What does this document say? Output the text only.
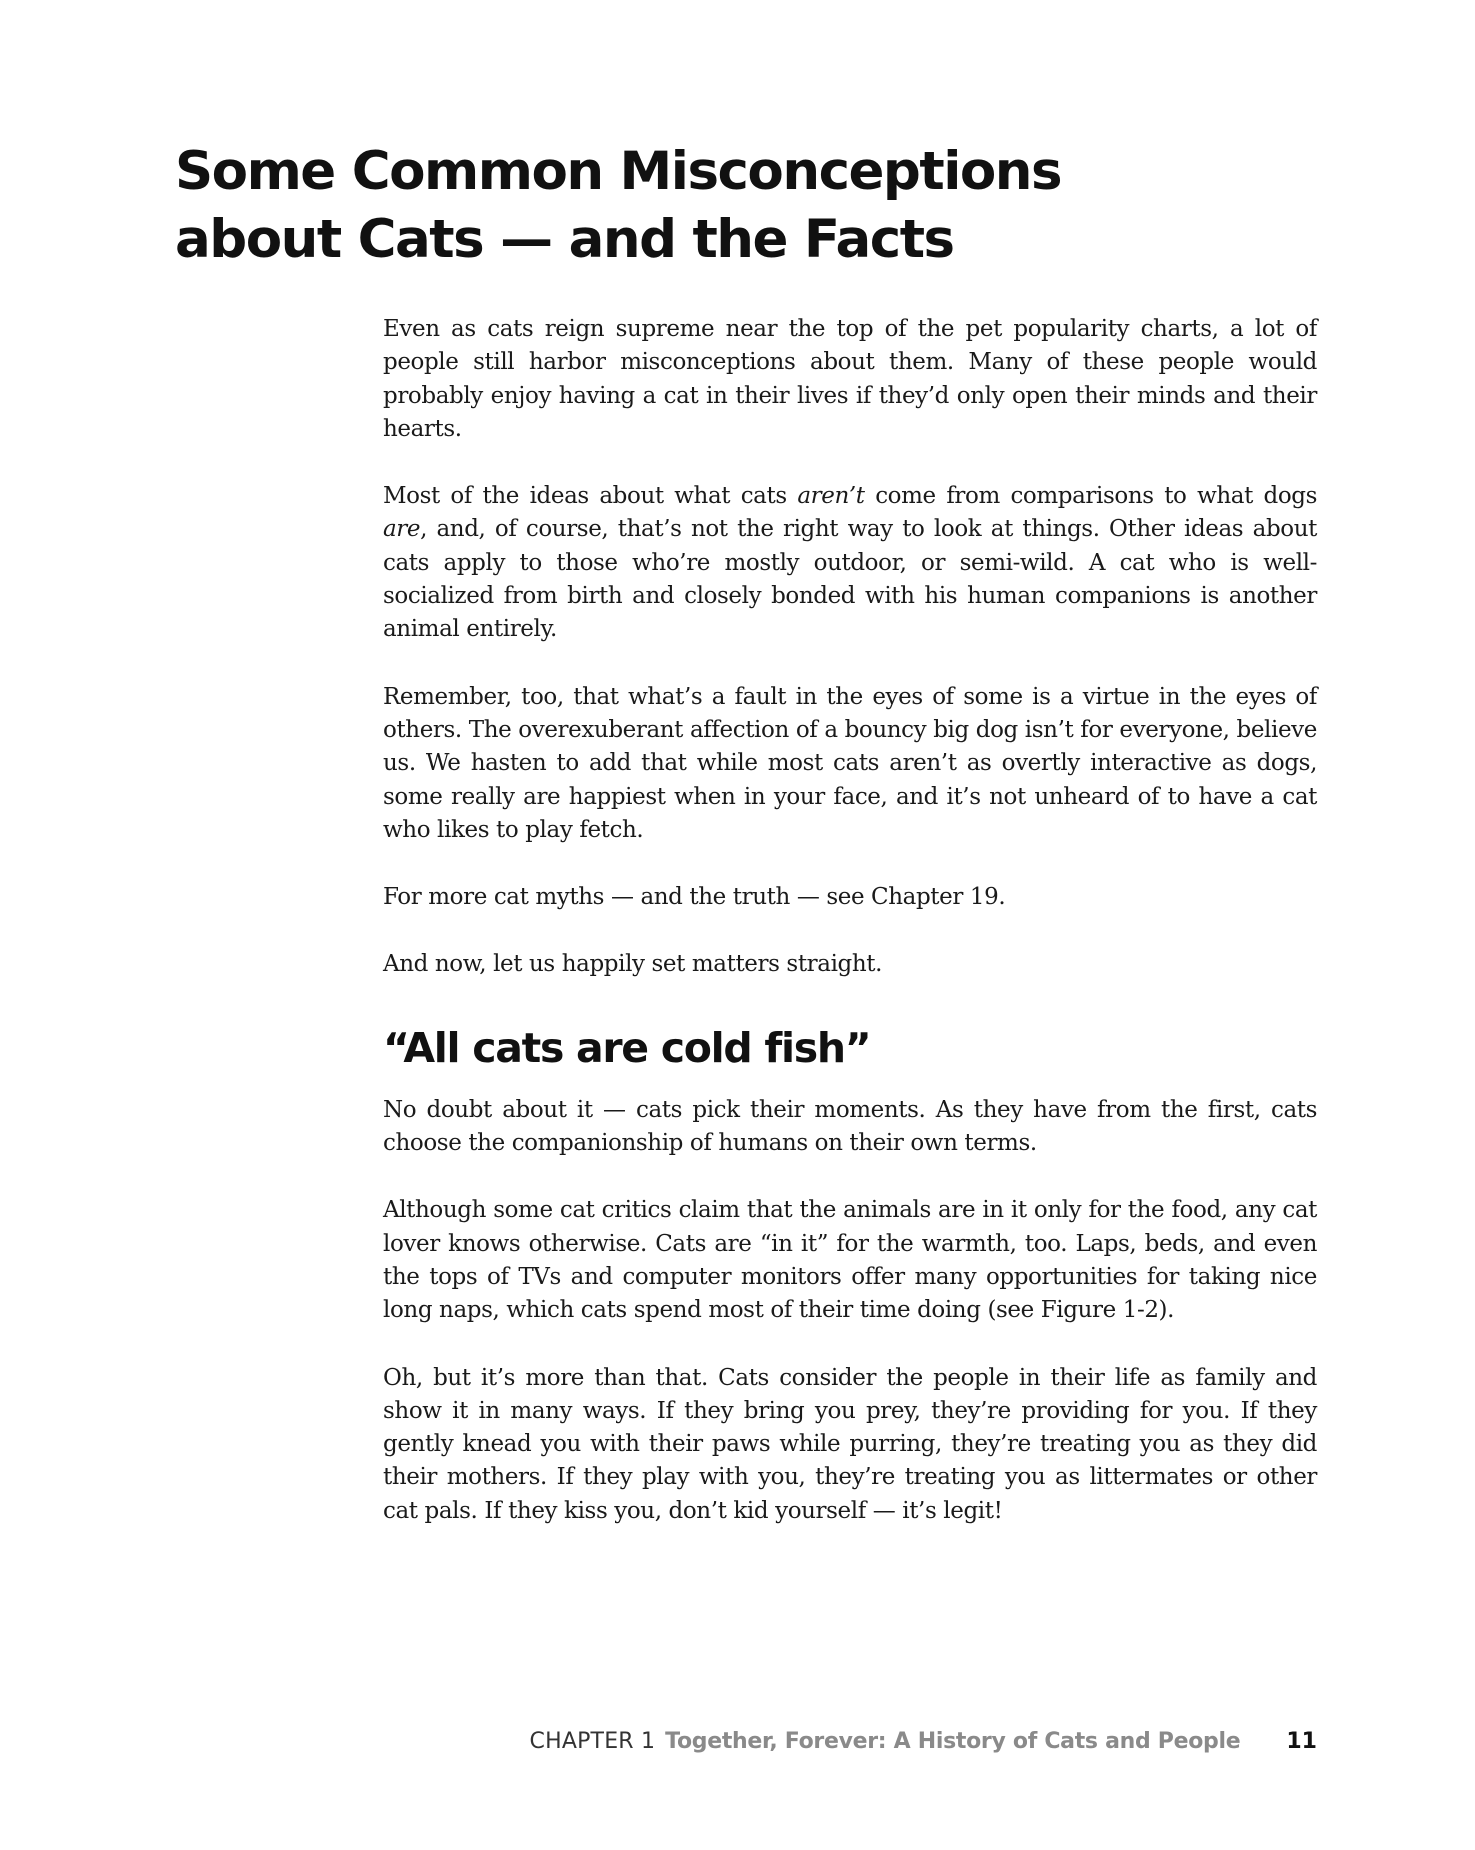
Some Common Misconceptions
about Cats — and the Facts

Even as cats reign supreme near the top of the pet popularity charts, a lot of people still harbor misconceptions about them. Many of these people would probably enjoy having a cat in their lives if they’d only open their minds and their hearts.

Most of the ideas about what cats aren’t come from comparisons to what dogs are, and, of course, that’s not the right way to look at things. Other ideas about cats apply to those who’re mostly outdoor, or semi-wild. A cat who is well-socialized from birth and closely bonded with his human companions is another animal entirely.

Remember, too, that what’s a fault in the eyes of some is a virtue in the eyes of others. The overexuberant affection of a bouncy big dog isn’t for everyone, believe us. We hasten to add that while most cats aren’t as overtly interactive as dogs, some really are happiest when in your face, and it’s not unheard of to have a cat who likes to play fetch.

For more cat myths — and the truth — see Chapter 19.

And now, let us happily set matters straight.

“All cats are cold fish”

No doubt about it — cats pick their moments. As they have from the first, cats choose the companionship of humans on their own terms.

Although some cat critics claim that the animals are in it only for the food, any cat lover knows otherwise. Cats are “in it” for the warmth, too. Laps, beds, and even the tops of TVs and computer monitors offer many opportunities for taking nice long naps, which cats spend most of their time doing (see Figure 1-2).

Oh, but it’s more than that. Cats consider the people in their life as family and show it in many ways. If they bring you prey, they’re providing for you. If they gently knead you with their paws while purring, they’re treating you as they did their mothers. If they play with you, they’re treating you as littermates or other cat pals. If they kiss you, don’t kid yourself — it’s legit!

CHAPTER 1 Together, Forever: A History of Cats and People 11
